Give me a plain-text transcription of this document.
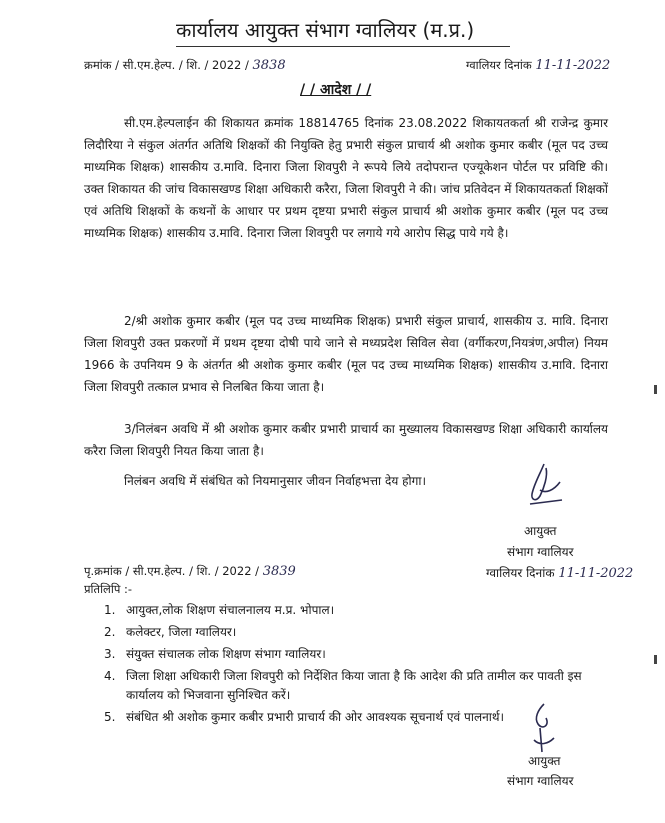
कार्यालय आयुक्त संभाग ग्वालियर (म.प्र.)
क्रमांक / सी.एम.हेल्प. / शि. / 2022 / 3838	ग्वालियर दिनांक 11-11-2022
/ / आदेश / /

सी.एम.हेल्पलाईन की शिकायत क्रमांक 18814765 दिनांक 23.08.2022 शिकायतकर्ता श्री राजेन्द्र कुमार लिदौरिया ने संकुल अंतर्गत अतिथि शिक्षकों की नियुक्ति हेतु प्रभारी संकुल प्राचार्य श्री अशोक कुमार कबीर (मूल पद उच्च माध्यमिक शिक्षक) शासकीय उ.मावि. दिनारा जिला शिवपुरी ने रूपये लिये तदोपरान्त एज्यूकेशन पोर्टल पर प्रविष्टि की। उक्त शिकायत की जांच विकासखण्ड शिक्षा अधिकारी करैरा, जिला शिवपुरी ने की। जांच प्रतिवेदन में शिकायतकर्ता शिक्षकों एवं अतिथि शिक्षकों के कथनों के आधार पर प्रथम दृष्टया प्रभारी संकुल प्राचार्य श्री अशोक कुमार कबीर (मूल पद उच्च माध्यमिक शिक्षक) शासकीय उ.मावि. दिनारा जिला शिवपुरी पर लगाये गये आरोप सिद्ध पाये गये है।

2/श्री अशोक कुमार कबीर (मूल पद उच्च माध्यमिक शिक्षक) प्रभारी संकुल प्राचार्य, शासकीय उ. मावि. दिनारा जिला शिवपुरी उक्त प्रकरणों में प्रथम दृष्टया दोषी पाये जाने से मध्यप्रदेश सिविल सेवा (वर्गीकरण,नियत्रंण,अपील) नियम 1966 के उपनियम 9 के अंतर्गत श्री अशोक कुमार कबीर (मूल पद उच्च माध्यमिक शिक्षक) शासकीय उ.मावि. दिनारा जिला शिवपुरी तत्काल प्रभाव से निलबित किया जाता है।

3/निलंबन अवधि में श्री अशोक कुमार कबीर प्रभारी प्राचार्य का मुख्यालय विकासखण्ड शिक्षा अधिकारी कार्यालय करैरा जिला शिवपुरी नियत किया जाता है।

निलंबन अवधि में संबंधित को नियमानुसार जीवन निर्वाहभत्ता देय होगा।

आयुक्त
संभाग ग्वालियर
ग्वालियर दिनांक 11-11-2022
पृ.क्रमांक / सी.एम.हेल्प. / शि. / 2022 / 3839
प्रतिलिपि :-
1. आयुक्त,लोक शिक्षण संचालनालय म.प्र. भोपाल।
2. कलेक्टर, जिला ग्वालियर।
3. संयुक्त संचालक लोक शिक्षण संभाग ग्वालियर।
4. जिला शिक्षा अधिकारी जिला शिवपुरी को निर्देशित किया जाता है कि आदेश की प्रति तामील कर पावती इस कार्यालय को भिजवाना सुनिश्चित करें।
5. संबंधित श्री अशोक कुमार कबीर प्रभारी प्राचार्य की ओर आवश्यक सूचनार्थ एवं पालनार्थ।
आयुक्त
संभाग ग्वालियर
